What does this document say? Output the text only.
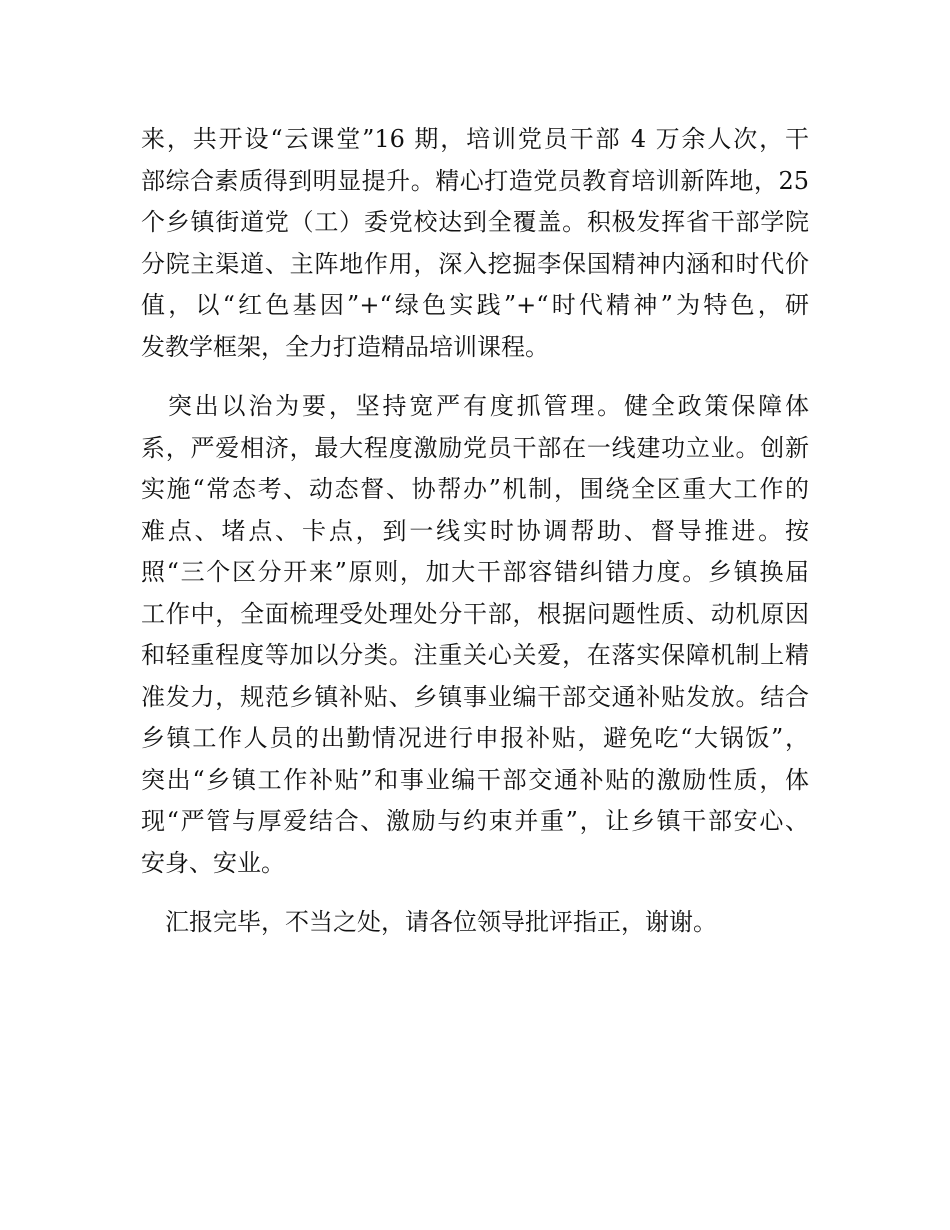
来，共开设“云课堂”16 期，培训党员干部 4 万余人次，干
部综合素质得到明显提升。精心打造党员教育培训新阵地，25
个乡镇街道党（工）委党校达到全覆盖。积极发挥省干部学院
分院主渠道、主阵地作用，深入挖掘李保国精神内涵和时代价
值，以“红色基因”+“绿色实践”+“时代精神”为特色，研
发教学框架，全力打造精品培训课程。

　突出以治为要，坚持宽严有度抓管理。健全政策保障体
系，严爱相济，最大程度激励党员干部在一线建功立业。创新
实施“常态考、动态督、协帮办”机制，围绕全区重大工作的
难点、堵点、卡点，到一线实时协调帮助、督导推进。按
照“三个区分开来”原则，加大干部容错纠错力度。乡镇换届
工作中，全面梳理受处理处分干部，根据问题性质、动机原因
和轻重程度等加以分类。注重关心关爱，在落实保障机制上精
准发力，规范乡镇补贴、乡镇事业编干部交通补贴发放。结合
乡镇工作人员的出勤情况进行申报补贴，避免吃“大锅饭”，
突出“乡镇工作补贴”和事业编干部交通补贴的激励性质，体
现“严管与厚爱结合、激励与约束并重”，让乡镇干部安心、
安身、安业。

　汇报完毕，不当之处，请各位领导批评指正，谢谢。
